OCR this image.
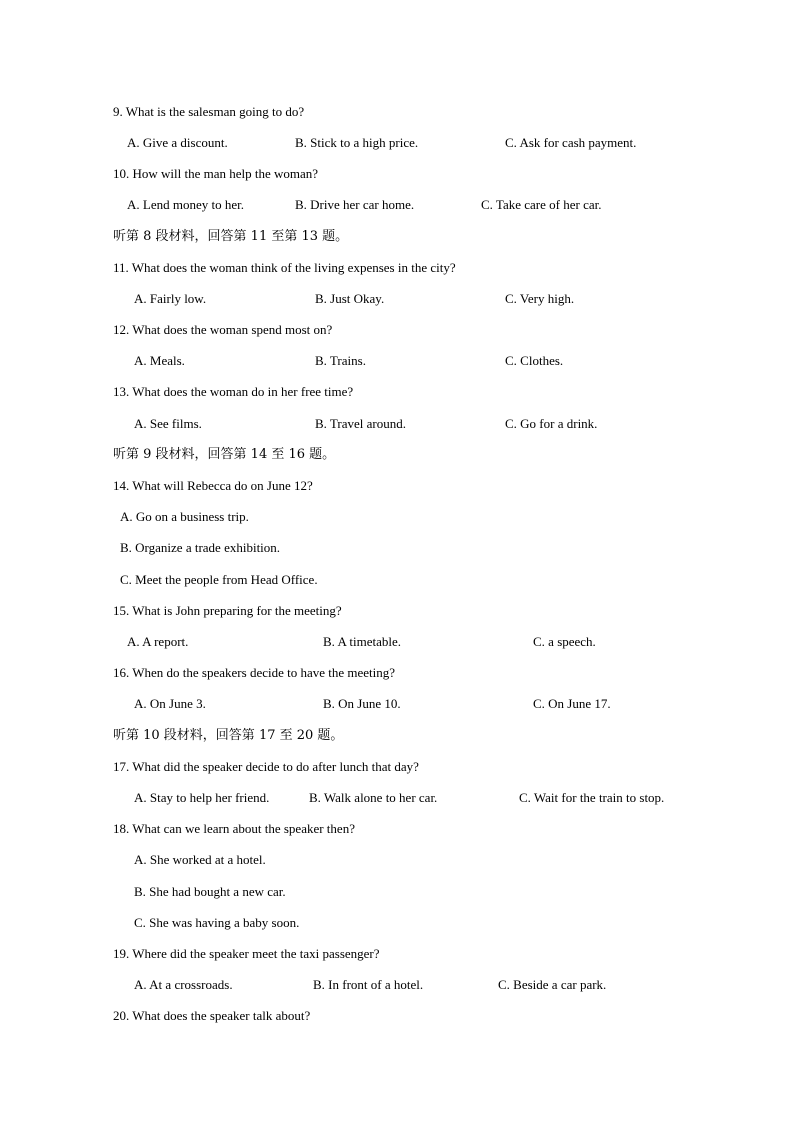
9. What is the salesman going to do?
A. Give a discount.	B. Stick to a high price.	C. Ask for cash payment.
10. How will the man help the woman?
A. Lend money to her.	B. Drive her car home.	C. Take care of her car.
听第 8 段材料，回答第 11 至第 13 题。
11. What does the woman think of the living expenses in the city?
A. Fairly low.	B. Just Okay.	C. Very high.
12. What does the woman spend most on?
A. Meals.	B. Trains.	C. Clothes.
13. What does the woman do in her free time?
A. See films.	B. Travel around.	C. Go for a drink.
听第 9 段材料，回答第 14 至 16 题。
14. What will Rebecca do on June 12?
A. Go on a business trip.
B. Organize a trade exhibition.
C. Meet the people from Head Office.
15. What is John preparing for the meeting?
A. A report.	B. A timetable.	C. a speech.
16. When do the speakers decide to have the meeting?
A. On June 3.	B. On June 10.	C. On June 17.
听第 10 段材料，回答第 17 至 20 题。
17. What did the speaker decide to do after lunch that day?
A. Stay to help her friend.	B. Walk alone to her car.	C. Wait for the train to stop.
18. What can we learn about the speaker then?
A. She worked at a hotel.
B. She had bought a new car.
C. She was having a baby soon.
19. Where did the speaker meet the taxi passenger?
A. At a crossroads.	B. In front of a hotel.	C. Beside a car park.
20. What does the speaker talk about?
